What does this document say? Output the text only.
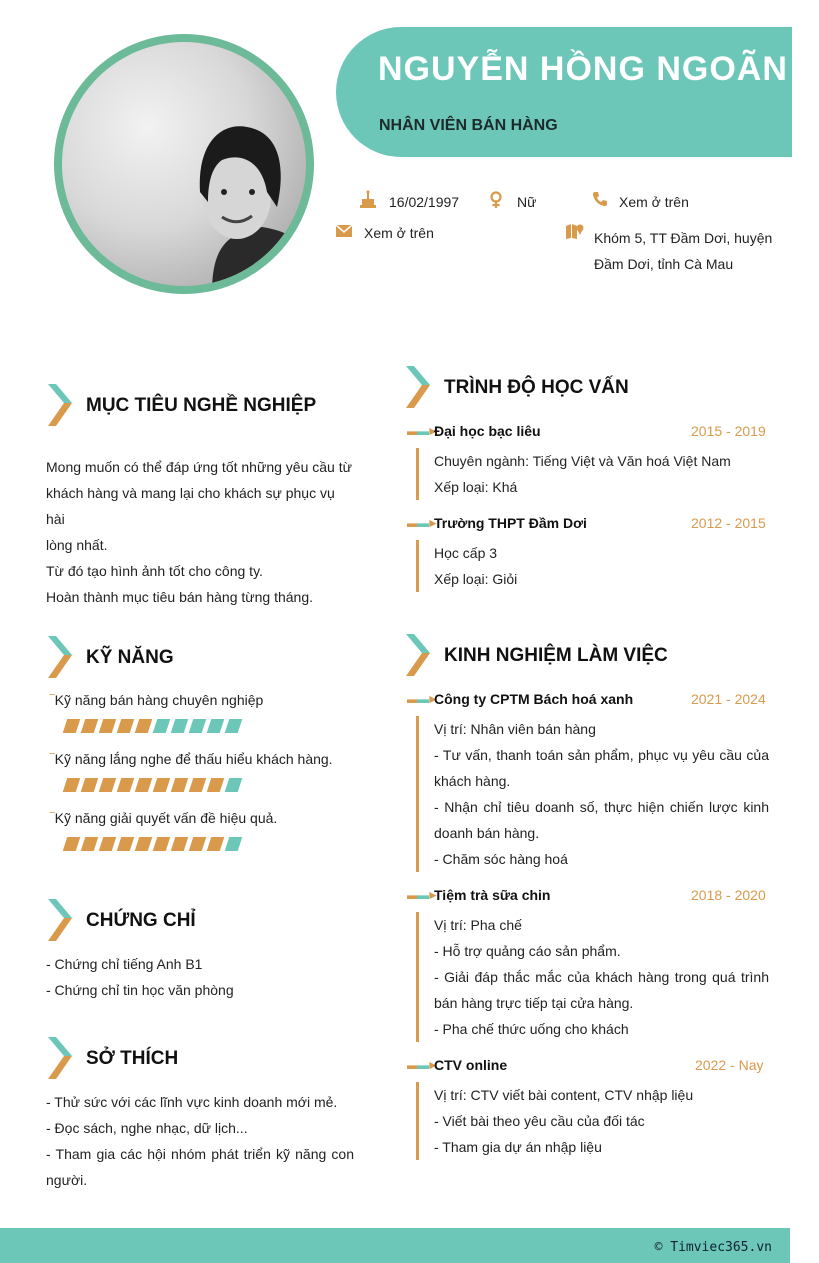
NGUYỄN HỒNG NGOÃN
NHÂN VIÊN BÁN HÀNG
16/02/1997	Nữ	Xem ở trên
Xem ở trên	Khóm 5, TT Đầm Dơi, huyện
Đầm Dơi, tỉnh Cà Mau
MỤC TIÊU NGHỀ NGHIỆP
Mong muốn có thể đáp ứng tốt những yêu cầu từ
khách hàng và mang lại cho khách sự phục vụ hài
lòng nhất.
Từ đó tạo hình ảnh tốt cho công ty.
Hoàn thành mục tiêu bán hàng từng tháng.
KỸ NĂNG
‾Kỹ năng bán hàng chuyên nghiệp
‾Kỹ năng lắng nghe để thấu hiểu khách hàng.
‾Kỹ năng giải quyết vấn đề hiệu quả.
CHỨNG CHỈ
- Chứng chỉ tiếng Anh B1
- Chứng chỉ tin học văn phòng
SỞ THÍCH
- Thử sức với các lĩnh vực kinh doanh mới mẻ.
- Đọc sách, nghe nhạc, dữ lịch...
- Tham gia các hội nhóm phát triển kỹ năng con
người.
TRÌNH ĐỘ HỌC VẤN
▬▬►
Đại học bạc liêu	2015 - 2019
Chuyên ngành: Tiếng Việt và Văn hoá Việt Nam
Xếp loại: Khá
▬▬►
Trường THPT Đầm Dơi	2012 - 2015
Học cấp 3
Xếp loại: Giỏi
KINH NGHIỆM LÀM VIỆC
▬▬►
Công ty CPTM Bách hoá xanh	2021 - 2024
Vị trí: Nhân viên bán hàng
- Tư vấn, thanh toán sản phẩm, phục vụ yêu cầu của
khách hàng.
- Nhận chỉ tiêu doanh số, thực hiện chiến lược kinh
doanh bán hàng.
- Chăm sóc hàng hoá
▬▬►
Tiệm trà sữa chin	2018 - 2020
Vị trí: Pha chế
- Hỗ trợ quảng cáo sản phẩm.
- Giải đáp thắc mắc của khách hàng trong quá trình
bán hàng trực tiếp tại cửa hàng.
- Pha chế thức uống cho khách
▬▬►
CTV online	2022 - Nay
Vị trí: CTV viết bài content, CTV nhập liệu
- Viết bài theo yêu cầu của đối tác
- Tham gia dự án nhập liệu
© Timviec365.vn
